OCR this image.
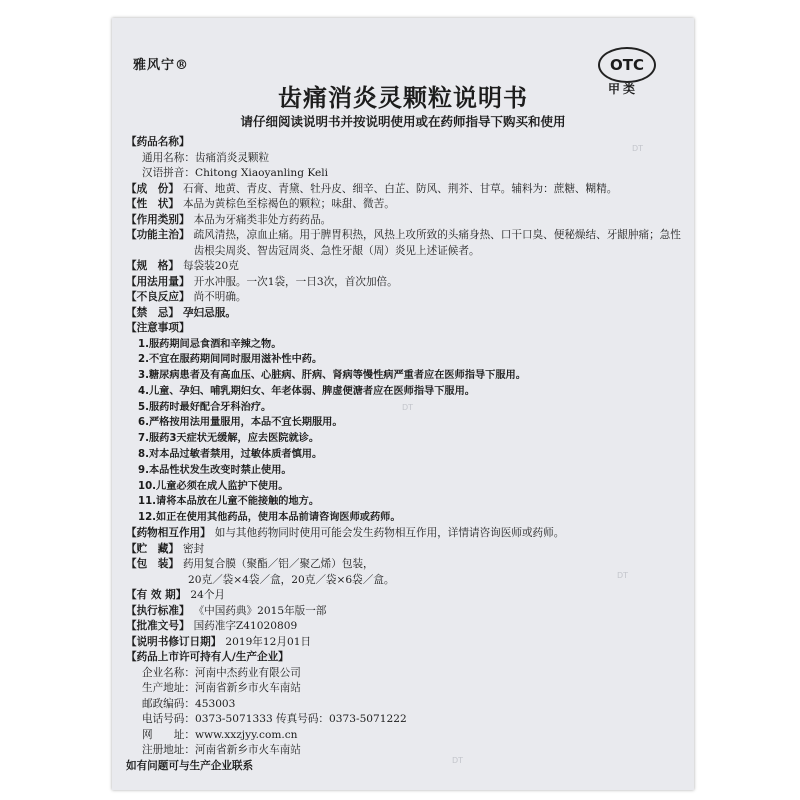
雅风宁®	OTC
甲类
齿痛消炎灵颗粒说明书
请仔细阅读说明书并按说明使用或在药师指导下购买和使用
DT
DT
DT
DT
【药品名称】
通用名称：齿痛消炎灵颗粒
汉语拼音：Chitong Xiaoyanling Keli
【成　份】 石膏、地黄、青皮、青黛、牡丹皮、细辛、白芷、防风、荆芥、甘草。辅料为：蔗糖、糊精。
【性　状】 本品为黄棕色至棕褐色的颗粒；味甜、微苦。
【作用类别】 本品为牙痛类非处方药药品。
【功能主治】 疏风清热，凉血止痛。用于脾胃积热，风热上攻所致的头痛身热、口干口臭、便秘燥结、牙龈肿痛；急性齿根尖周炎、智齿冠周炎、急性牙龈（周）炎见上述证候者。
【规　格】 每袋装20克
【用法用量】 开水冲服。一次1袋，一日3次，首次加倍。
【不良反应】 尚不明确。
【禁　忌】 孕妇忌服。
【注意事项】
1.服药期间忌食酒和辛辣之物。
2.不宜在服药期间同时服用滋补性中药。
3.糖尿病患者及有高血压、心脏病、肝病、肾病等慢性病严重者应在医师指导下服用。
4.儿童、孕妇、哺乳期妇女、年老体弱、脾虚便溏者应在医师指导下服用。
5.服药时最好配合牙科治疗。
6.严格按用法用量服用，本品不宜长期服用。
7.服药3天症状无缓解，应去医院就诊。
8.对本品过敏者禁用，过敏体质者慎用。
9.本品性状发生改变时禁止使用。
10.儿童必须在成人监护下使用。
11.请将本品放在儿童不能接触的地方。
12.如正在使用其他药品，使用本品前请咨询医师或药师。
【药物相互作用】 如与其他药物同时使用可能会发生药物相互作用，详情请咨询医师或药师。
【贮　藏】 密封
【包　装】 药用复合膜（聚酯／铝／聚乙烯）包装，
20克／袋×4袋／盒，20克／袋×6袋／盒。
【有 效 期】 24个月
【执行标准】 《中国药典》2015年版一部
【批准文号】 国药准字Z41020809
【说明书修订日期】 2019年12月01日
【药品上市许可持有人/生产企业】
企业名称：河南中杰药业有限公司
生产地址：河南省新乡市火车南站
邮政编码：453003
电话号码：0373-5071333 传真号码：0373-5071222
网　　址：www.xxzjyy.com.cn
注册地址：河南省新乡市火车南站
如有问题可与生产企业联系
